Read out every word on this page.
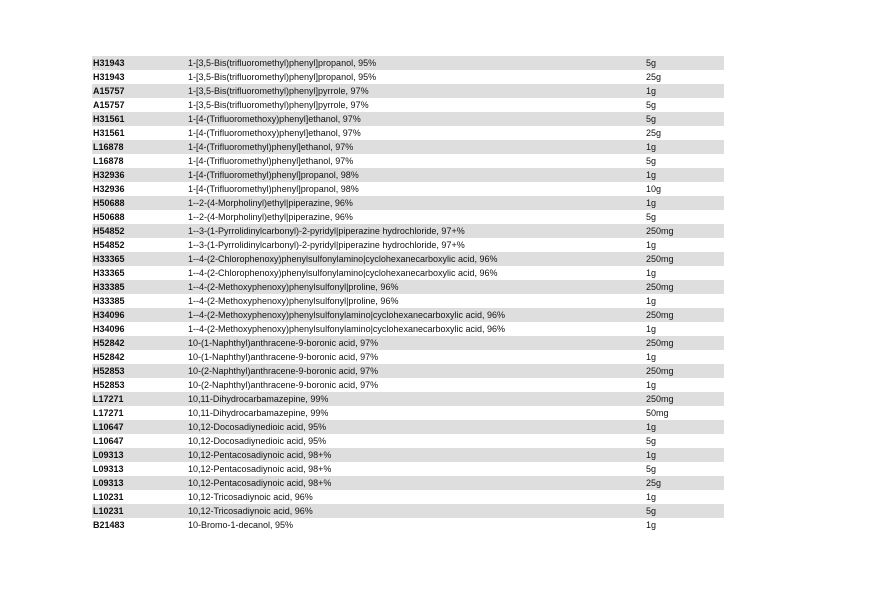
H31943	1-[3,5-Bis(trifluoromethyl)phenyl]propanol, 95%	5g
H31943	1-[3,5-Bis(trifluoromethyl)phenyl]propanol, 95%	25g
A15757	1-[3,5-Bis(trifluoromethyl)phenyl]pyrrole, 97%	1g
A15757	1-[3,5-Bis(trifluoromethyl)phenyl]pyrrole, 97%	5g
H31561	1-[4-(Trifluoromethoxy)phenyl]ethanol, 97%	5g
H31561	1-[4-(Trifluoromethoxy)phenyl]ethanol, 97%	25g
L16878	1-[4-(Trifluoromethyl)phenyl]ethanol, 97%	1g
L16878	1-[4-(Trifluoromethyl)phenyl]ethanol, 97%	5g
H32936	1-[4-(Trifluoromethyl)phenyl]propanol, 98%	1g
H32936	1-[4-(Trifluoromethyl)phenyl]propanol, 98%	10g
H50688	1--2-(4-Morpholinyl)ethyl|piperazine, 96%	1g
H50688	1--2-(4-Morpholinyl)ethyl|piperazine, 96%	5g
H54852	1--3-(1-Pyrrolidinylcarbonyl)-2-pyridyl|piperazine hydrochloride, 97+%	250mg
H54852	1--3-(1-Pyrrolidinylcarbonyl)-2-pyridyl|piperazine hydrochloride, 97+%	1g
H33365	1--4-(2-Chlorophenoxy)phenylsulfonylamino|cyclohexanecarboxylic acid, 96%	250mg
H33365	1--4-(2-Chlorophenoxy)phenylsulfonylamino|cyclohexanecarboxylic acid, 96%	1g
H33385	1--4-(2-Methoxyphenoxy)phenylsulfonyl|proline, 96%	250mg
H33385	1--4-(2-Methoxyphenoxy)phenylsulfonyl|proline, 96%	1g
H34096	1--4-(2-Methoxyphenoxy)phenylsulfonylamino|cyclohexanecarboxylic acid, 96%	250mg
H34096	1--4-(2-Methoxyphenoxy)phenylsulfonylamino|cyclohexanecarboxylic acid, 96%	1g
H52842	10-(1-Naphthyl)anthracene-9-boronic acid, 97%	250mg
H52842	10-(1-Naphthyl)anthracene-9-boronic acid, 97%	1g
H52853	10-(2-Naphthyl)anthracene-9-boronic acid, 97%	250mg
H52853	10-(2-Naphthyl)anthracene-9-boronic acid, 97%	1g
L17271	10,11-Dihydrocarbamazepine, 99%	250mg
L17271	10,11-Dihydrocarbamazepine, 99%	50mg
L10647	10,12-Docosadiynedioic acid, 95%	1g
L10647	10,12-Docosadiynedioic acid, 95%	5g
L09313	10,12-Pentacosadiynoic acid, 98+%	1g
L09313	10,12-Pentacosadiynoic acid, 98+%	5g
L09313	10,12-Pentacosadiynoic acid, 98+%	25g
L10231	10,12-Tricosadiynoic acid, 96%	1g
L10231	10,12-Tricosadiynoic acid, 96%	5g
B21483	10-Bromo-1-decanol, 95%	1g
